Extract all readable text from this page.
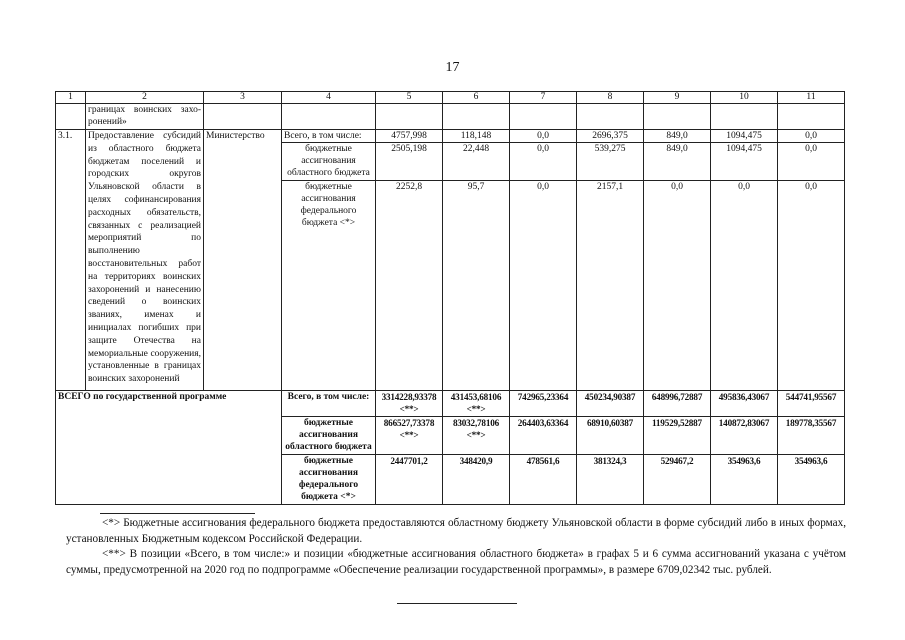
17
1	2	3	4	5	6	7	8	9	10	11
	границах воинских захо-ронений»									
3.1.	Предоставление субсидий из областного бюджета бюджетам поселений и городских округов Ульяновской области в целях софинансирования расходных обязательств, связанных с реализацией мероприятий по выполнению восстановительных работ на территориях воинских захоронений и нанесению сведений о воинских званиях, именах и инициалах погибших при защите Отечества на мемориальные сооружения, установленные в границах воинских захоронений	Министерство	Всего, в том числе:	4757,998	118,148	0,0	2696,375	849,0	1094,475	0,0
			бюджетные ассигнования областного бюджета	2505,198	22,448	0,0	539,275	849,0	1094,475	0,0
			бюджетные ассигнования федерального бюджета <*>	2252,8	95,7	0,0	2157,1	0,0	0,0	0,0
ВСЕГО по государственной программе			Всего, в том числе:	3314228,93378 <**>	431453,68106 <**>	742965,23364	450234,90387	648996,72887	495836,43067	544741,95567
			бюджетные ассигнования областного бюджета	866527,73378 <**>	83032,78106 <**>	264403,63364	68910,60387	119529,52887	140872,83067	189778,35567
			бюджетные ассигнования федерального бюджета <*>	2447701,2	348420,9	478561,6	381324,3	529467,2	354963,6	354963,6
<*> Бюджетные ассигнования федерального бюджета предоставляются областному бюджету Ульяновской области в форме субсидий либо в иных формах, установленных Бюджетным кодексом Российской Федерации.
<**> В позиции «Всего, в том числе:» и позиции «бюджетные ассигнования областного бюджета» в графах 5 и 6 сумма ассигнований указана с учётом суммы, предусмотренной на 2020 год по подпрограмме «Обеспечение реализации государственной программы», в размере 6709,02342 тыс. рублей.
